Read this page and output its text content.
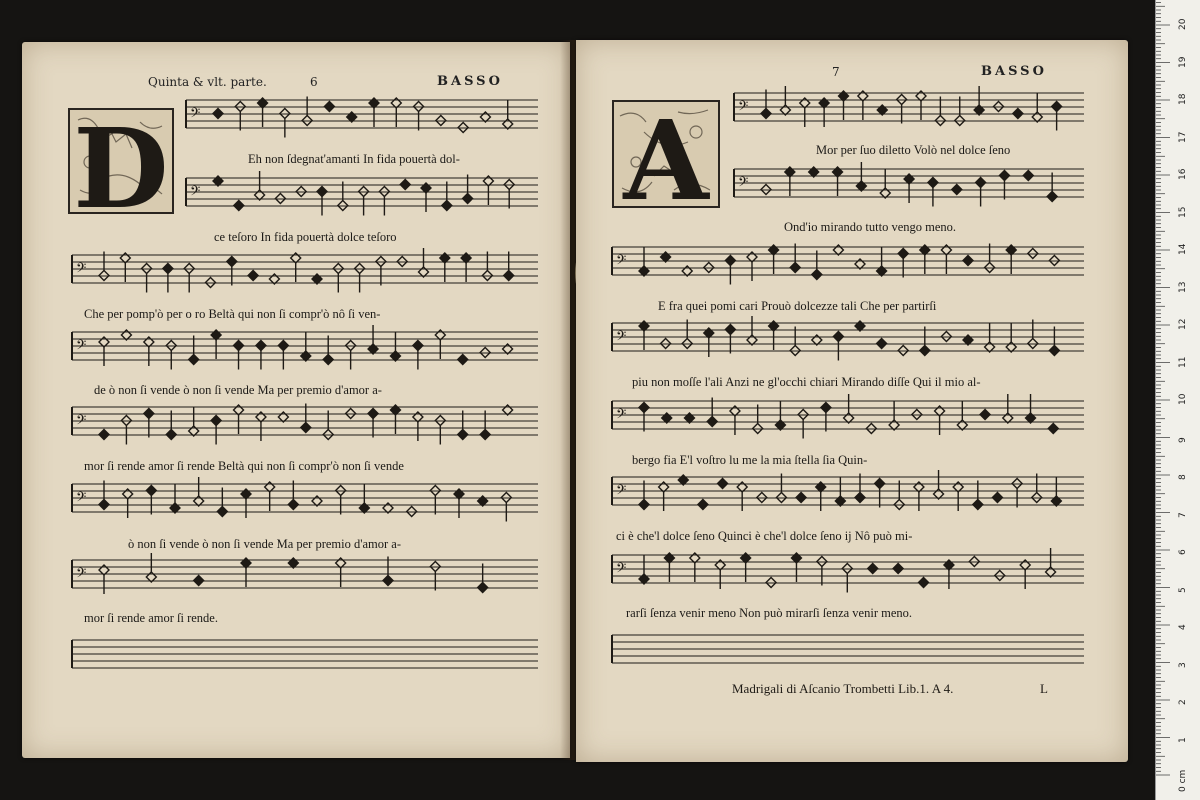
Quinta & vlt. parte.	6	BASSO
D 𝄢
𝄢
𝄢
𝄢
𝄢
𝄢
𝄢
Eh non ſdegnat'amanti In fida pouertà dol-
ce teſoro In fida pouertà dolce teſoro
Che per pomp'ò per o ro Beltà qui non ſi compr'ò nô ſi ven-
de ò non ſi vende ò non ſi vende Ma per premio d'amor a-
mor ſi rende amor ſi rende Beltà qui non ſi compr'ò non ſi vende
ò non ſi vende ò non ſi vende Ma per premio d'amor a-
mor ſi rende amor ſi rende.
7	BASSO
A	𝄢
𝄢
𝄢
𝄢
𝄢
𝄢
𝄢
Mor per ſuo diletto Volò nel dolce ſeno
Ond'io mirando tutto vengo meno.
E fra quei pomi cari Prouò dolcezze tali Che per partirſi
piu non moſſe l'ali Anzi ne gl'occhi chiari Mirando diſſe Qui il mio al-
bergo fia E'l voſtro lu me la mia ſtella ſia Quin-
ci è che'l dolce ſeno Quinci è che'l dolce ſeno ij Nô può mi-
rarſi ſenza venir meno Non può mirarſi ſenza venir meno.
Madrigali di Aſcanio Trombetti Lib.1. A 4.	L
0 cm
1
2
3
4
5
6
7
8
9
10
11
12
13
14
15
16
17
18
19
20
